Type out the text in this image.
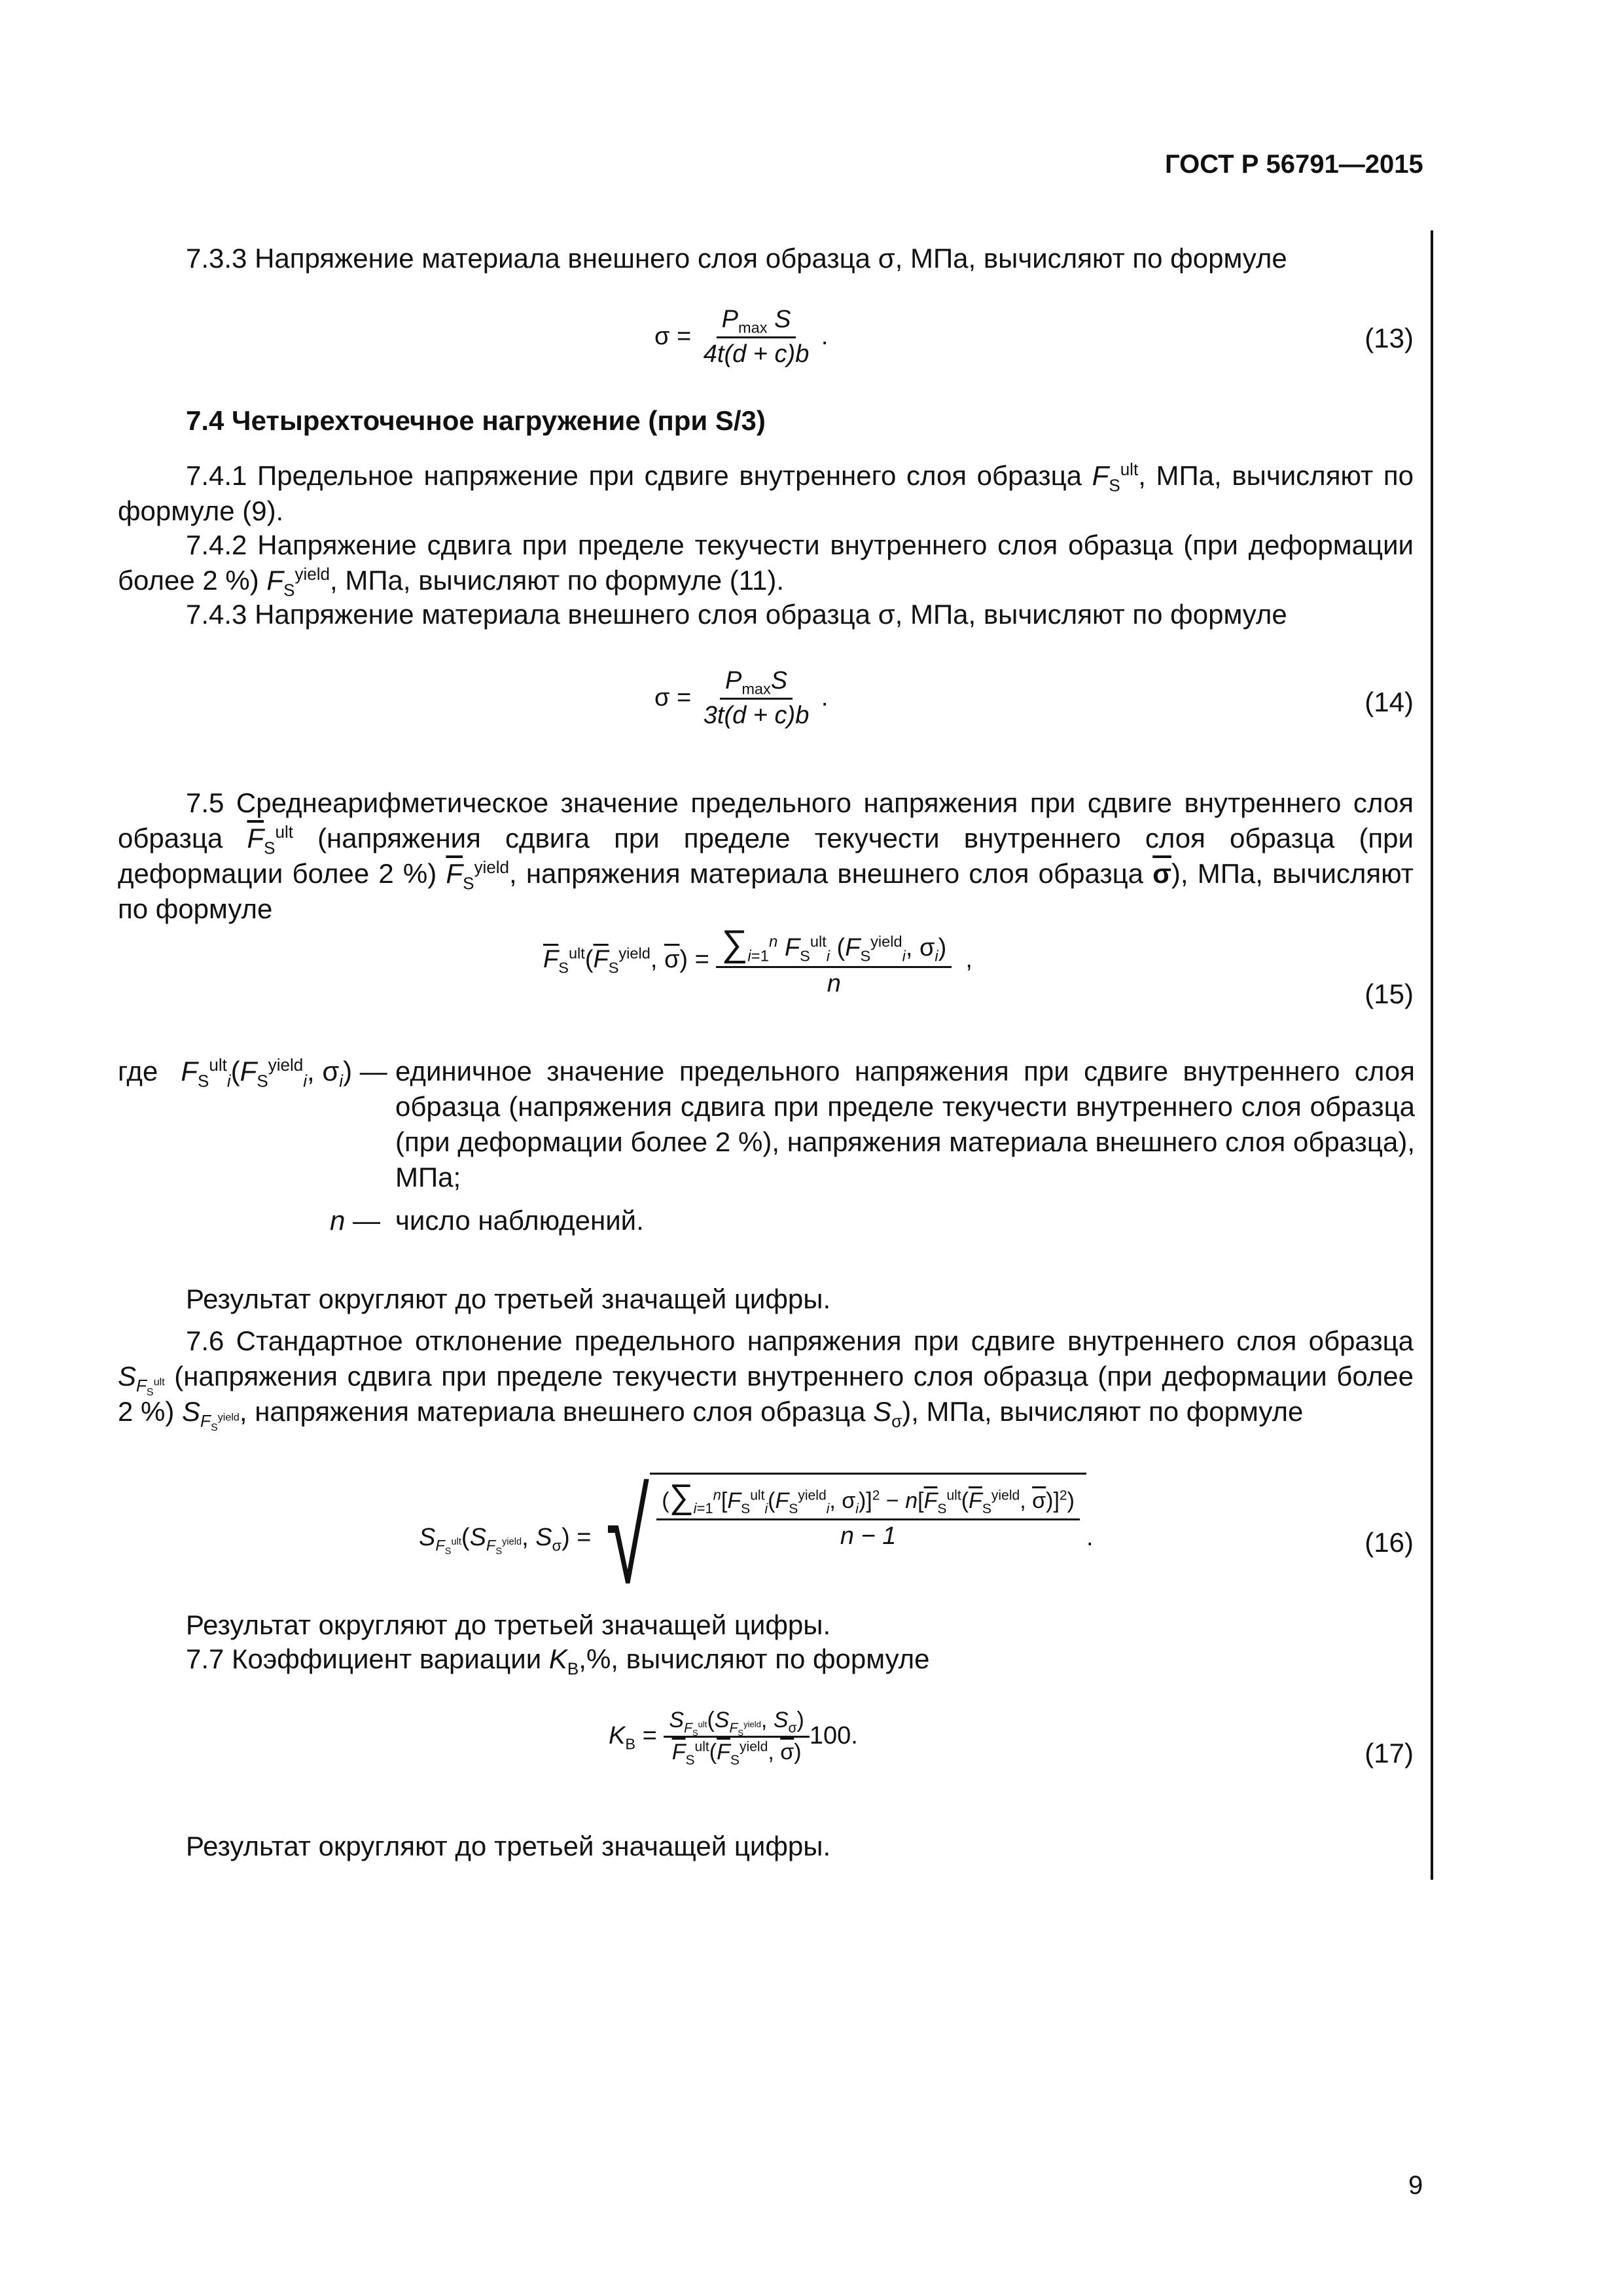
ГОСТ Р 56791—2015
7.3.3 Напряжение материала внешнего слоя образца σ, МПа, вычисляют по формуле
σ =
$\frac{P_{max} S}{4t(d + c)b}$
.	(13)
7.4 Четырехточечное нагружение (при S/3)
7.4.1 Предельное напряжение при сдвиге внутреннего слоя образца $F_S^{ult}$, МПа, вычисляют по формуле (9).
7.4.2 Напряжение сдвига при пределе текучести внутреннего слоя образца (при деформации более 2 %) $F_S^{yield}$, МПа, вычисляют по формуле (11).
7.4.3 Напряжение материала внешнего слоя образца σ, МПа, вычисляют по формуле
σ =
$\frac{P_{max}S}{3t(d + c)b}$
.	(14)
7.5 Среднеарифметическое значение предельного напряжения при сдвиге внутреннего слоя образца $\overline{F}_S^{ult}$ (напряжения сдвига при пределе текучести внутреннего слоя образца (при деформации более 2 %) $\overline{F}_S^{yield}$, напряжения материала внешнего слоя образца $\overline{\sigma}$), МПа, вычисляют по формуле
$\overline{F}_S^{ult}(\overline{F}_S^{yield}$, $\overline{\sigma}$) =
$\frac{\sum_{i=1}^n F_S^{ult}_i (F_S^{yield}_i, \sigma_i)}{n}$
,
(15)
где $F_S^{ult}_i(F_S^{yield}_i$, $\sigma_i$) — единичное значение предельного напряжения при сдвиге внутреннего слоя образца (напряжения сдвига при пределе текучести внутреннего слоя образца (при деформации более 2 %), напряжения материала внешнего слоя образца), МПа;
n — число наблюдений.
Результат округляют до третьей значащей цифры.
7.6 Стандартное отклонение предельного напряжения при сдвиге внутреннего слоя образца $S_{F_S^{ult}}$ (напряжения сдвига при пределе текучести внутреннего слоя образца (при деформации более 2 %) $S_{F_S^{yield}}$, напряжения материала внешнего слоя образца $S_\sigma$), МПа, вычисляют по формуле
$S_{F_S^{ult}}(S_{F_S^{yield}}$, $S_\sigma$) = √ $\frac{(\sum_{i=1}^n[F_S^{ult}_i(F_S^{yield}_i, \sigma_i)]^2 - n[\overline{F}_S^{ult}(\overline{F}_S^{yield}, \overline{\sigma})]^2)}{n - 1}$ .	(16)
Результат округляют до третьей значащей цифры.
7.7 Коэффициент вариации $K_B,\%$, вычисляют по формуле
$K_B$ =
$\frac{S_{F_S^{ult}}(S_{F_S^{yield}}, S_\sigma)}{\overline{F}_S^{ult}(\overline{F}_S^{yield}, \overline{\sigma})} 100$.
(17)
Результат округляют до третьей значащей цифры.
9
